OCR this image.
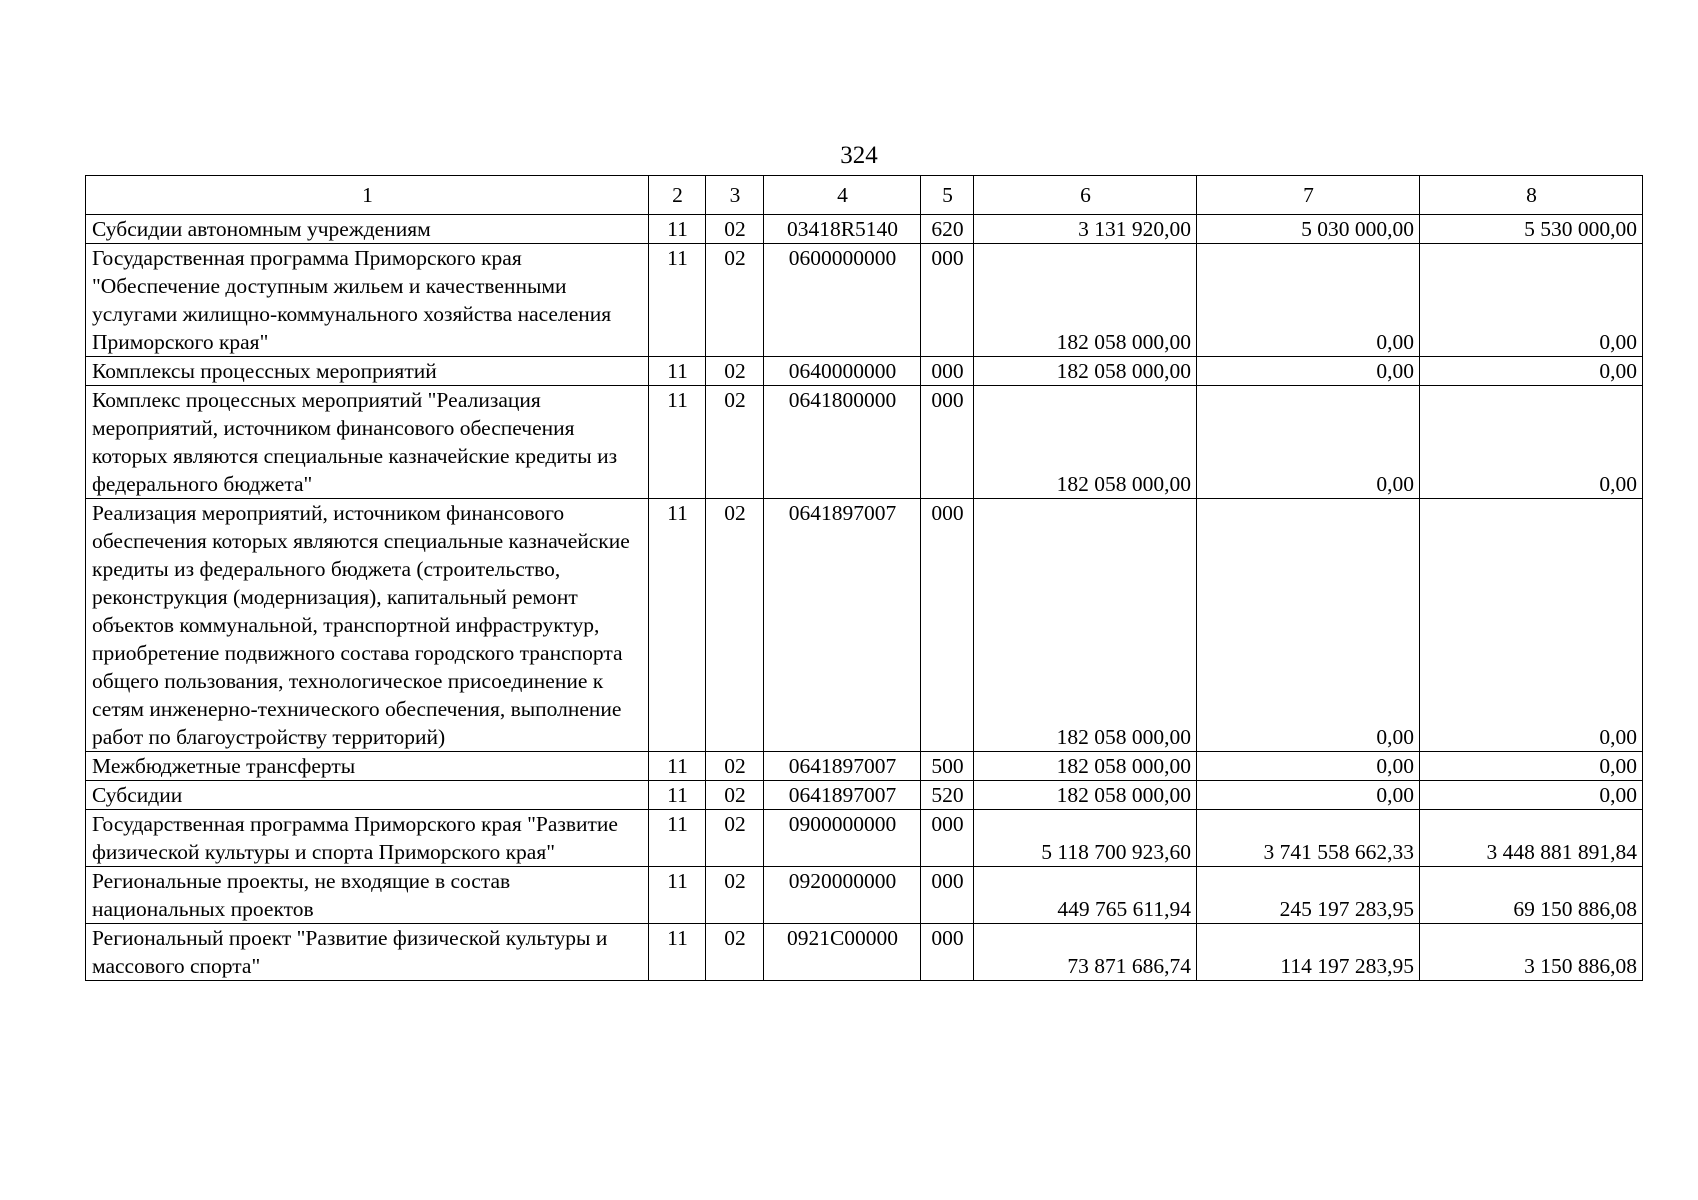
324
1	2	3	4	5	6	7	8
Субсидии автономным учреждениям	11	02	03418R5140	620	3 131 920,00	5 030 000,00	5 530 000,00
Государственная программа Приморского края "Обеспечение доступным жильем и качественными услугами жилищно-коммунального хозяйства населения Приморского края"	11	02	0600000000	000	182 058 000,00	0,00	0,00
Комплексы процессных мероприятий	11	02	0640000000	000	182 058 000,00	0,00	0,00
Комплекс процессных мероприятий "Реализация мероприятий, источником финансового обеспечения которых являются специальные казначейские кредиты из федерального бюджета"	11	02	0641800000	000	182 058 000,00	0,00	0,00
Реализация мероприятий, источником финансового обеспечения которых являются специальные казначейские кредиты из федерального бюджета (строительство, реконструкция (модернизация), капитальный ремонт объектов коммунальной, транспортной инфраструктур, приобретение подвижного состава городского транспорта общего пользования, технологическое присоединение к сетям инженерно-технического обеспечения, выполнение работ по благоустройству территорий)	11	02	0641897007	000	182 058 000,00	0,00	0,00
Межбюджетные трансферты	11	02	0641897007	500	182 058 000,00	0,00	0,00
Субсидии	11	02	0641897007	520	182 058 000,00	0,00	0,00
Государственная программа Приморского края "Развитие физической культуры и спорта Приморского края"	11	02	0900000000	000	5 118 700 923,60	3 741 558 662,33	3 448 881 891,84
Региональные проекты, не входящие в состав национальных проектов	11	02	0920000000	000	449 765 611,94	245 197 283,95	69 150 886,08
Региональный проект "Развитие физической культуры и массового спорта"	11	02	0921С00000	000	73 871 686,74	114 197 283,95	3 150 886,08
